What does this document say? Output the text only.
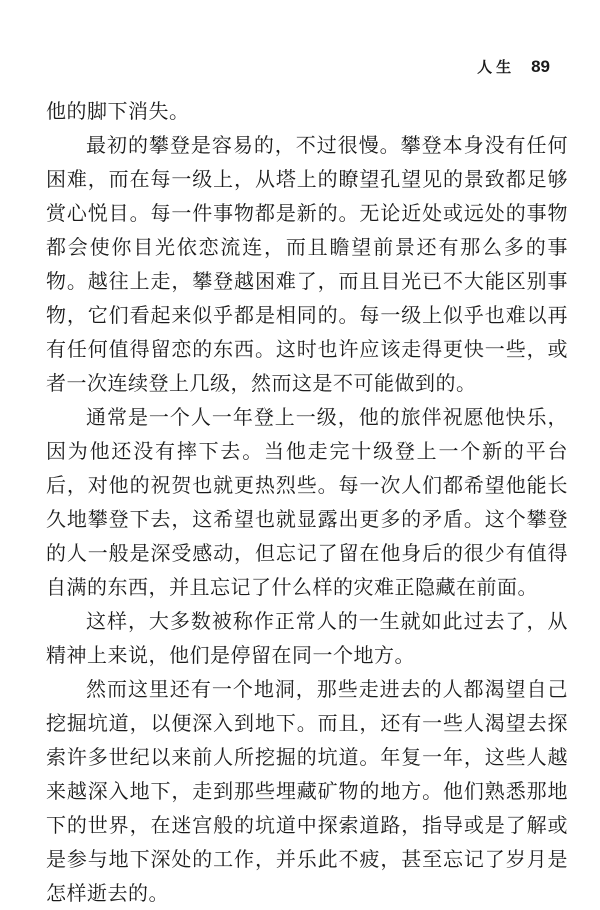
人生 89

他的脚下消失。

最初的攀登是容易的，不过很慢。攀登本身没有任何困难，而在每一级上，从塔上的瞭望孔望见的景致都足够赏心悦目。每一件事物都是新的。无论近处或远处的事物都会使你目光依恋流连，而且瞻望前景还有那么多的事物。越往上走，攀登越困难了，而且目光已不大能区别事物，它们看起来似乎都是相同的。每一级上似乎也难以再有任何值得留恋的东西。这时也许应该走得更快一些，或者一次连续登上几级，然而这是不可能做到的。

通常是一个人一年登上一级，他的旅伴祝愿他快乐，因为他还没有摔下去。当他走完十级登上一个新的平台后，对他的祝贺也就更热烈些。每一次人们都希望他能长久地攀登下去，这希望也就显露出更多的矛盾。这个攀登的人一般是深受感动，但忘记了留在他身后的很少有值得自满的东西，并且忘记了什么样的灾难正隐藏在前面。

这样，大多数被称作正常人的一生就如此过去了，从精神上来说，他们是停留在同一个地方。

然而这里还有一个地洞，那些走进去的人都渴望自己挖掘坑道，以便深入到地下。而且，还有一些人渴望去探索许多世纪以来前人所挖掘的坑道。年复一年，这些人越来越深入地下，走到那些埋藏矿物的地方。他们熟悉那地下的世界，在迷宫般的坑道中探索道路，指导或是了解或是参与地下深处的工作，并乐此不疲，甚至忘记了岁月是怎样逝去的。
